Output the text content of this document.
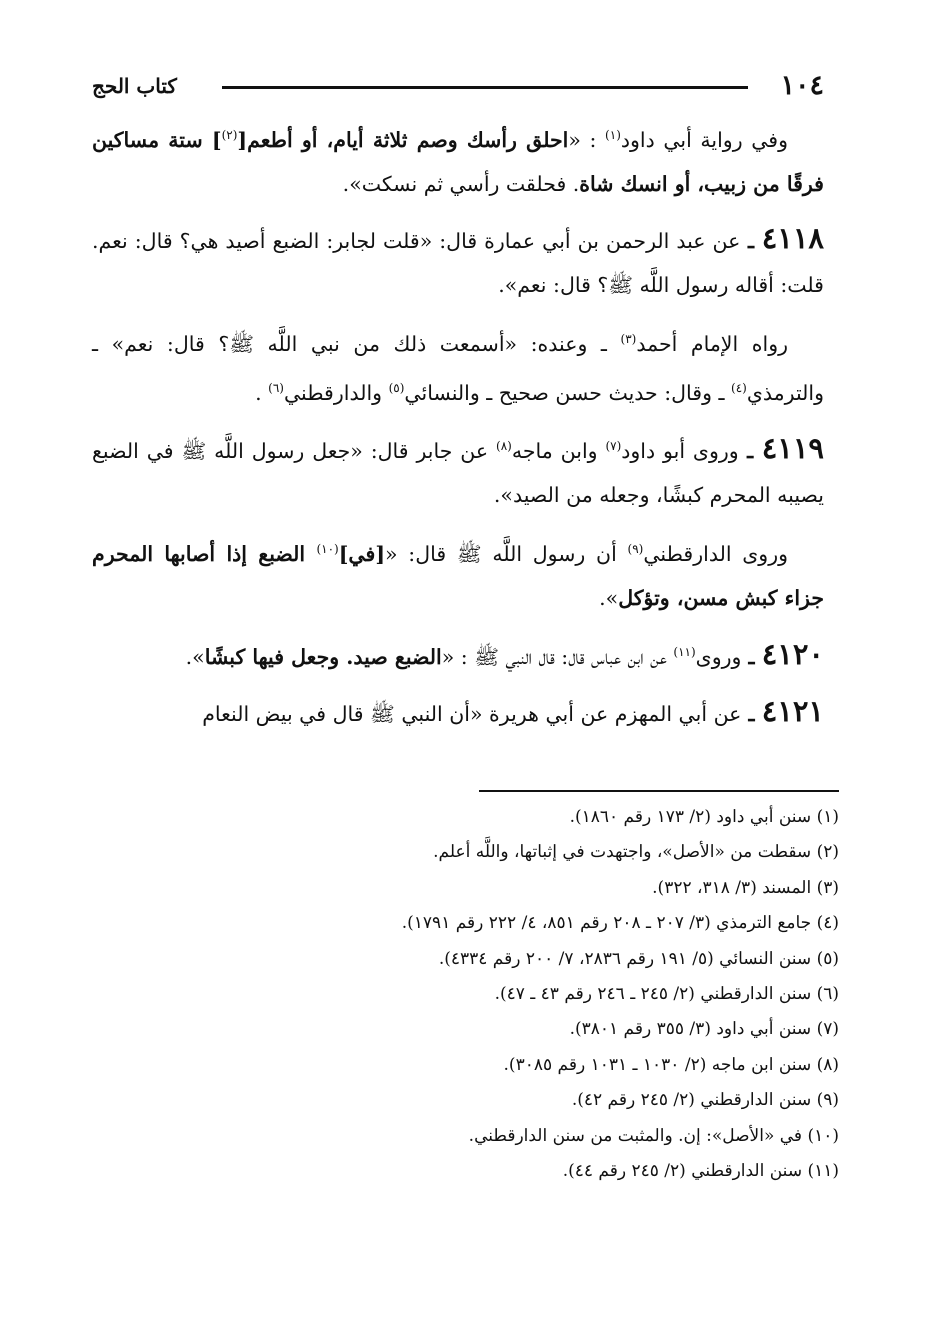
١٠٤
كتاب الحج

وفي رواية أبي داود$^{(١)}$ : «احلق رأسك وصم ثلاثة أيام، أو أطعم[$^{(٢)}$] ستة مساكين فرقًا من زبيب، أو انسك شاة. فحلقت رأسي ثم نسكت».

٤١١٨ ـ عن عبد الرحمن بن أبي عمارة قال: «قلت لجابر: الضبع أصيد هي؟ قال: نعم. قلت: أقاله رسول اللَّه ﷺ؟ قال: نعم».

رواه الإمام أحمد$^{(٣)}$ ـ وعنده: «أسمعت ذلك من نبي اللَّه ﷺ؟ قال: نعم» ـ والترمذي$^{(٤)}$ ـ وقال: حديث حسن صحيح ـ والنسائي$^{(٥)}$ والدارقطني$^{(٦)}$ .

٤١١٩ ـ وروى أبو داود$^{(٧)}$ وابن ماجه$^{(٨)}$ عن جابر قال: «جعل رسول اللَّه ﷺ في الضبع يصيبه المحرم كبشًا، وجعله من الصيد».

وروى الدارقطني$^{(٩)}$ أن رسول اللَّه ﷺ قال: «[في]$^{(١٠)}$ الضبع إذا أصابها المحرم جزاء كبش مسن، وتؤكل».

٤١٢٠ ـ وروى$^{(١١)}$ عن ابن عباس قال: قال النبي ﷺ : «الضبع صيد. وجعل فيها كبشًا».

٤١٢١ ـ عن أبي المهزم عن أبي هريرة «أن النبي ﷺ قال في بيض النعام

(١) سنن أبي داود (٢/ ١٧٣ رقم ١٨٦٠).
(٢) سقطت من «الأصل»، واجتهدت في إثباتها، واللَّه أعلم.
(٣) المسند (٣/ ٣١٨، ٣٢٢).
(٤) جامع الترمذي (٣/ ٢٠٧ ـ ٢٠٨ رقم ٨٥١، ٤/ ٢٢٢ رقم ١٧٩١).
(٥) سنن النسائي (٥/ ١٩١ رقم ٢٨٣٦، ٧/ ٢٠٠ رقم ٤٣٣٤).
(٦) سنن الدارقطني (٢/ ٢٤٥ ـ ٢٤٦ رقم ٤٣ ـ ٤٧).
(٧) سنن أبي داود (٣/ ٣٥٥ رقم ٣٨٠١).
(٨) سنن ابن ماجه (٢/ ١٠٣٠ ـ ١٠٣١ رقم ٣٠٨٥).
(٩) سنن الدارقطني (٢/ ٢٤٥ رقم ٤٢).
(١٠) في «الأصل»: إن. والمثبت من سنن الدارقطني.
(١١) سنن الدارقطني (٢/ ٢٤٥ رقم ٤٤).
